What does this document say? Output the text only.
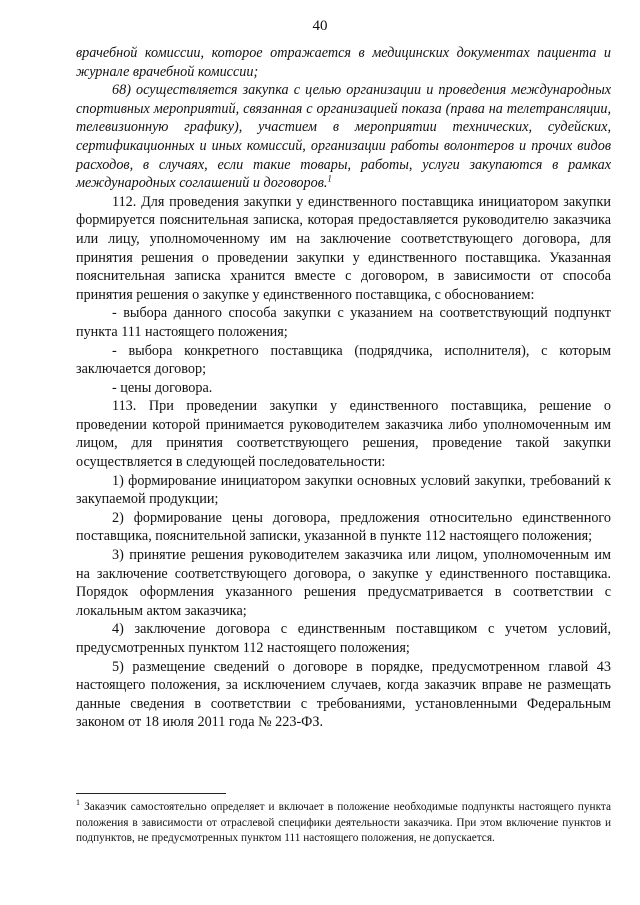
40

врачебной комиссии, которое отражается в медицинских документах пациента и журнале врачебной комиссии;

68) осуществляется закупка с целью организации и проведения международных спортивных мероприятий, связанная с организацией показа (права на телетрансляции, телевизионную графику), участием в мероприятии технических, судейских, сертификационных и иных комиссий, организации работы волонтеров и прочих видов расходов, в случаях, если такие товары, работы, услуги закупаются в рамках международных соглашений и договоров.$^1$

112. Для проведения закупки у единственного поставщика инициатором закупки формируется пояснительная записка, которая предоставляется руководителю заказчика или лицу, уполномоченному им на заключение соответствующего договора, для принятия решения о проведении закупки у единственного поставщика. Указанная пояснительная записка хранится вместе с договором, в зависимости от способа принятия решения о закупке у единственного поставщика, с обоснованием:

- выбора данного способа закупки с указанием на соответствующий подпункт пункта 111 настоящего положения;

- выбора конкретного поставщика (подрядчика, исполнителя), с которым заключается договор;

- цены договора.

113. При проведении закупки у единственного поставщика, решение о проведении которой принимается руководителем заказчика либо уполномоченным им лицом, для принятия соответствующего решения, проведение такой закупки осуществляется в следующей последовательности:

1) формирование инициатором закупки основных условий закупки, требований к закупаемой продукции;

2) формирование цены договора, предложения относительно единственного поставщика, пояснительной записки, указанной в пункте 112 настоящего положения;

3) принятие решения руководителем заказчика или лицом, уполномоченным им на заключение соответствующего договора, о закупке у единственного поставщика. Порядок оформления указанного решения предусматривается в соответствии с локальным актом заказчика;

4) заключение договора с единственным поставщиком с учетом условий, предусмотренных пунктом 112 настоящего положения;

5) размещение сведений о договоре в порядке, предусмотренном главой 43 настоящего положения, за исключением случаев, когда заказчик вправе не размещать данные сведения в соответствии с требованиями, установленными Федеральным законом от 18 июля 2011 года № 223-ФЗ.

$^1$ Заказчик самостоятельно определяет и включает в положение необходимые подпункты настоящего пункта положения в зависимости от отраслевой специфики деятельности заказчика. При этом включение пунктов и подпунктов, не предусмотренных пунктом 111 настоящего положения, не допускается.
